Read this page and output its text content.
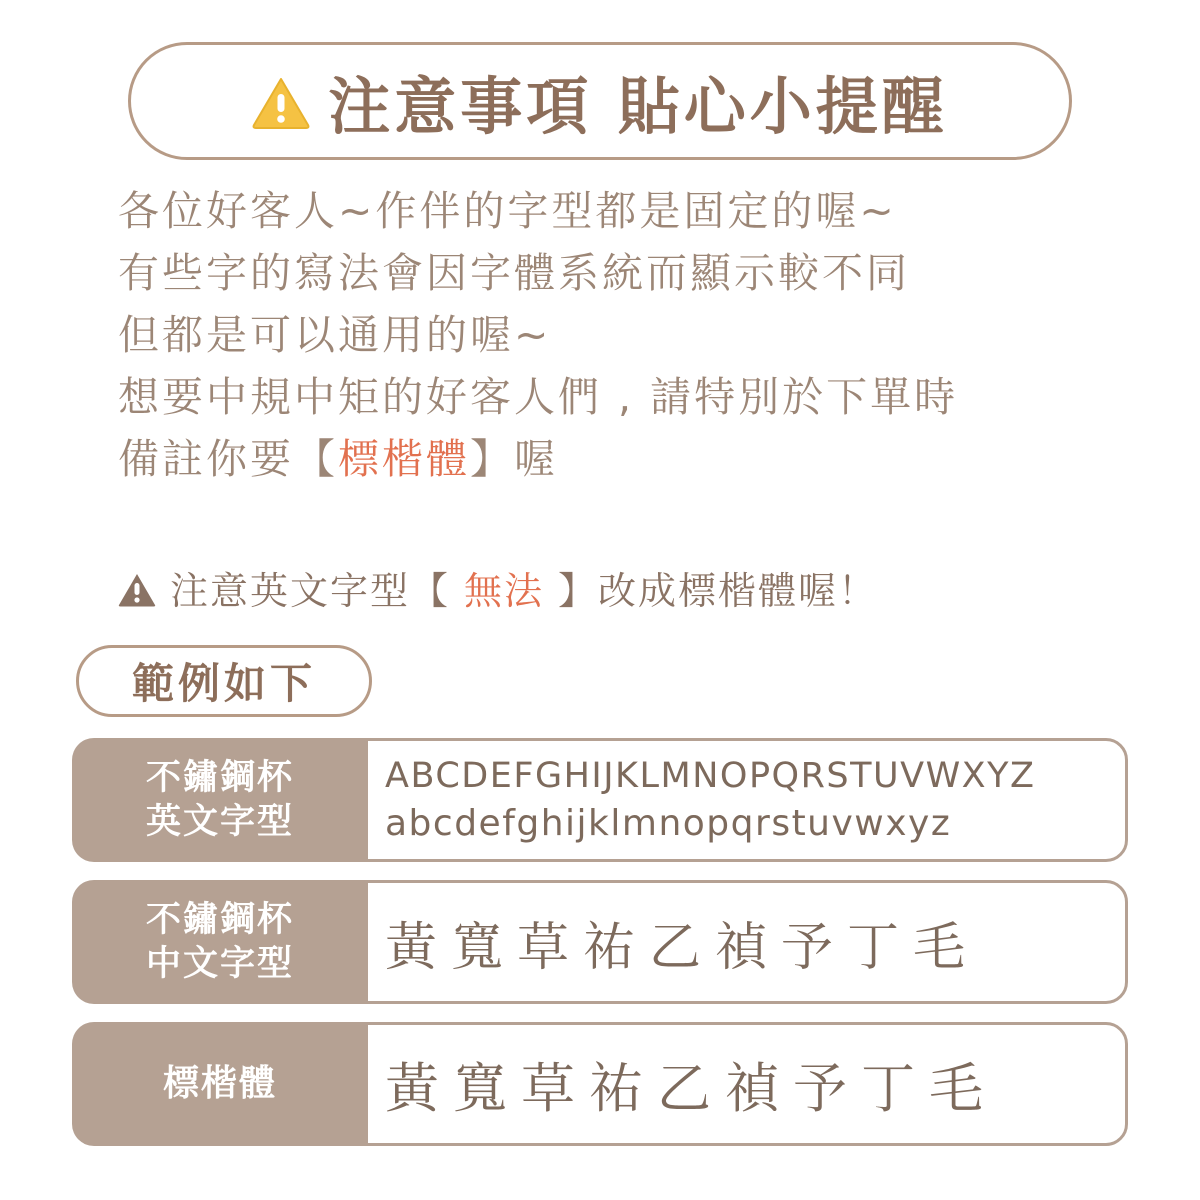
注意事項 貼心小提醒
各位好客人~作伴的字型都是固定的喔~
有些字的寫法會因字體系統而顯示較不同
但都是可以通用的喔~
想要中規中矩的好客人們 , 請特別於下單時
備註你要【標楷體】喔
注意英文字型【 無法 】改成標楷體喔！
範例如下
不鏽鋼杯
英文字型
ABCDEFGHIJKLMNOPQRSTUVWXYZ
abcdefghijklmnopqrstuvwxyz
不鏽鋼杯
中文字型 黃寬草祐乙禎予丁毛
標楷體 黃寬草祐乙禎予丁毛
